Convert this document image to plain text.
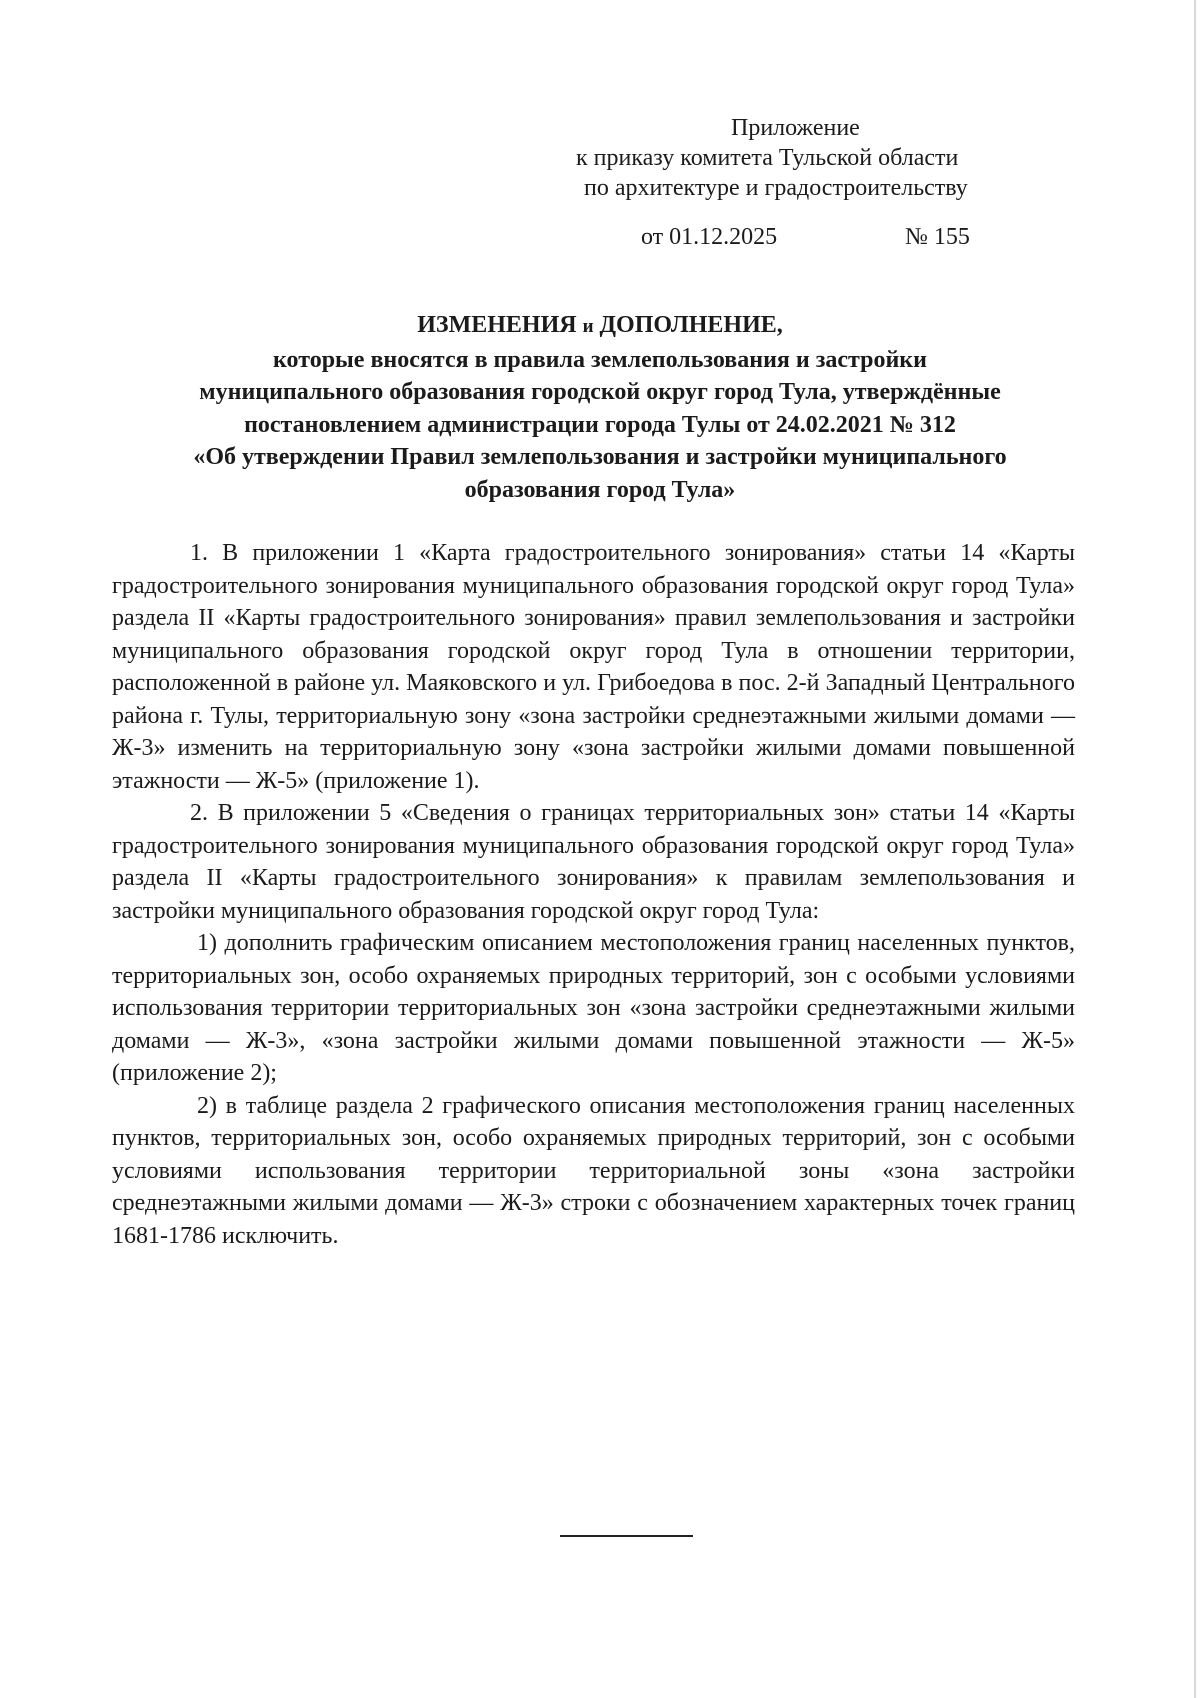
Приложение
к приказу комитета Тульской области
по архитектуре и градостроительству
от 01.12.2025	№ 155
ИЗМЕНЕНИЯ и ДОПОЛНЕНИЕ,
которые вносятся в правила землепользования и застройки
муниципального образования городской округ город Тула, утверждённые
постановлением администрации города Тулы от 24.02.2021 № 312
«Об утверждении Правил землепользования и застройки муниципального
образования город Тула»

1. В приложении 1 «Карта градостроительного зонирования» статьи 14 «Карты градостроительного зонирования муниципального образования городской округ город Тула» раздела II «Карты градостроительного зонирования» правил землепользования и застройки муниципального образования городской округ город Тула в отношении территории, расположенной в районе ул. Маяковского и ул. Грибоедова в пос. 2-й Западный Центрального района г. Тулы, территориальную зону «зона застройки среднеэтажными жилыми домами — Ж-3» изменить на территориальную зону «зона застройки жилыми домами повышенной этажности — Ж-5» (приложение 1).

2. В приложении 5 «Сведения о границах территориальных зон» статьи 14 «Карты градостроительного зонирования муниципального образования городской округ город Тула» раздела II «Карты градостроительного зонирования» к правилам землепользования и застройки муниципального образования городской округ город Тула:

1) дополнить графическим описанием местоположения границ населенных пунктов, территориальных зон, особо охраняемых природных территорий, зон с особыми условиями использования территории территориальных зон «зона застройки среднеэтажными жилыми домами — Ж-3», «зона застройки жилыми домами повышенной этажности — Ж-5» (приложение 2);

2) в таблице раздела 2 графического описания местоположения границ населенных пунктов, территориальных зон, особо охраняемых природных территорий, зон с особыми условиями использования территории территориальной зоны «зона застройки среднеэтажными жилыми домами — Ж-3» строки с обозначением характерных точек границ 1681-1786 исключить.
